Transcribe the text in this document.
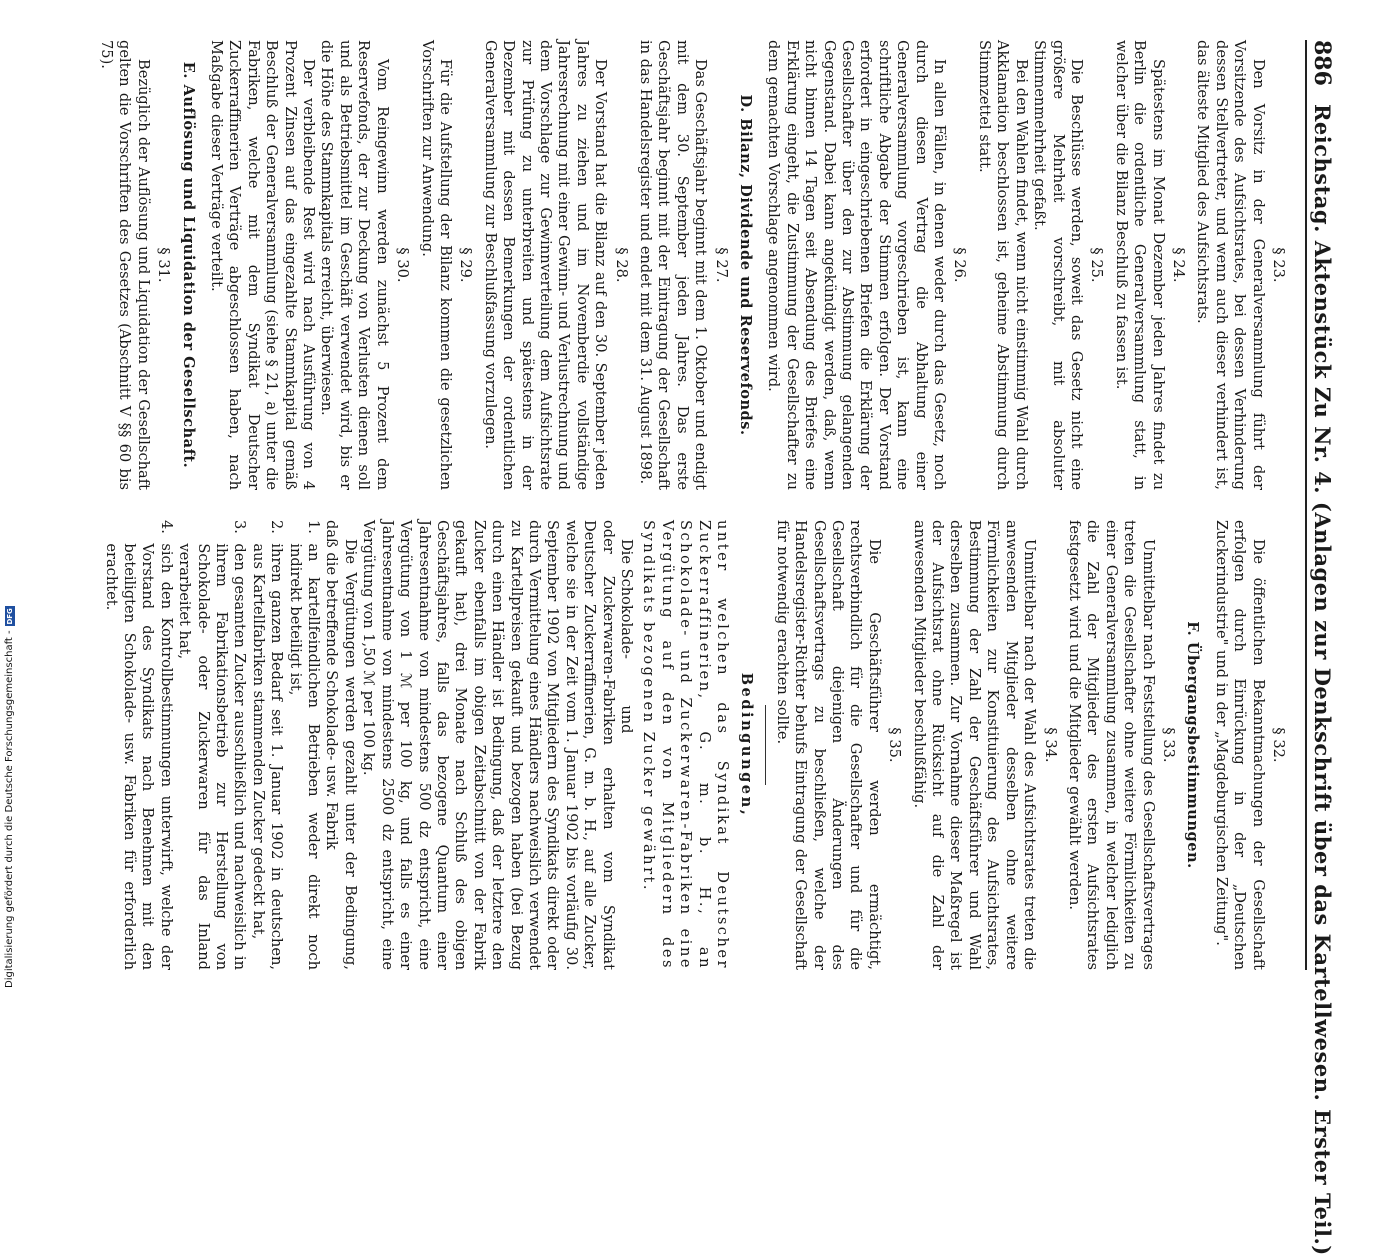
886
Reichstag. Aktenstück Zu Nr. 4. (Anlagen zur Denkschrift über das Kartellwesen. Erster Teil.)
§ 23.

Den Vorsitz in der Generalversammlung führt der Vorsitzende des Aufsichtsrates, bei dessen Verhinderung dessen Stellvertreter, und wenn auch dieser verhindert ist, das älteste Mitglied des Aufsichtsrats.

§ 24.

Spätestens im Monat Dezember jeden Jahres findet zu Berlin die ordentliche Generalversammlung statt, in welcher über die Bilanz Beschluß zu fassen ist.

§ 25.

Die Beschlüsse werden, soweit das Gesetz nicht eine größere Mehrheit vorschreibt, mit absoluter Stimmenmehrheit gefaßt.

Bei den Wahlen findet, wenn nicht einstimmig Wahl durch Akklamation beschlossen ist, geheime Abstimmung durch Stimmzettel statt.

§ 26.

In allen Fällen, in denen weder durch das Gesetz, noch durch diesen Vertrag die Abhaltung einer Generalversammlung vorgeschrieben ist, kann eine schriftliche Abgabe der Stimmen erfolgen. Der Vorstand erfordert in eingeschriebenen Briefen die Erklärung der Gesellschafter über den zur Abstimmung gelangenden Gegenstand. Dabei kann angekündigt werden, daß, wenn nicht binnen 14 Tagen seit Absendung des Briefes eine Erklärung eingeht, die Zustimmung der Gesellschafter zu dem gemachten Vorschlage angenommen wird.

D. Bilanz, Dividende und Reservefonds.
§ 27.

Das Geschäftsjahr beginnt mit dem 1. Oktober und endigt mit dem 30. September jeden Jahres. Das erste Geschäftsjahr beginnt mit der Eintragung der Gesellschaft in das Handelsregister und endet mit dem 31. August 1898.

§ 28.

Der Vorstand hat die Bilanz auf den 30. September jeden Jahres zu ziehen und im Novemberdie vollständige Jahresrechnung mit einer Gewinn- und Verlustrechnung und dem Vorschlage zur Gewinnverteilung dem Aufsichtsrate zur Prüfung zu unterbreiten und spätestens in der Dezember mit dessen Bemerkungen der ordentlichen Generalversammlung zur Beschlußfassung vorzulegen.

§ 29.

Für die Aufstellung der Bilanz kommen die gesetzlichen Vorschriften zur Anwendung.

§ 30.

Vom Reingewinn werden zunächst 5 Prozent dem Reservefonds, der zur Deckung von Verlusten dienen soll und als Betriebsmittel im Geschäft verwendet wird, bis er die Höhe des Stammkapitals erreicht, überwiesen.

Der verbleibende Rest wird nach Ausführung von 4 Prozent Zinsen auf das eingezahlte Stammkapital gemäß Beschluß der Generalversammlung (siehe § 21, a) unter die Fabriken, welche mit dem Syndikat Deutscher Zuckerraffinerien Verträge abgeschlossen haben, nach Maßgabe dieser Verträge verteilt.

E. Auflösung und Liquidation der Gesellschaft.
§ 31.

Bezüglich der Auflösung und Liquidation der Gesellschaft gelten die Vorschriften des Gesetzes (Abschnitt V §§ 60 bis 75).

§ 32.

Die öffentlichen Bekanntmachungen der Gesellschaft erfolgen durch Einrückung in der „Deutschen Zuckerindustrie" und in der „Magdeburgischen Zeitung".

F. Übergangsbestimmungen.
§ 33.

Unmittelbar nach Feststellung des Gesellschaftsvertrages treten die Gesellschafter ohne weitere Förmlichkeiten zu einer Generalversammlung zusammen, in welcher lediglich die Zahl der Mitglieder des ersten Aufsichtsrates festgesetzt wird und die Mitglieder gewählt werden.

§ 34.

Unmittelbar nach der Wahl des Aufsichtsrates treten die anwesenden Mitglieder desselben ohne weitere Förmlichkeiten zur Konstituierung des Aufsichtsrates, Bestimmung der Zahl der Geschäftsführer und Wahl derselben zusammen. Zur Vornahme dieser Maßregel ist der Aufsichtsrat ohne Rücksicht auf die Zahl der anwesenden Mitglieder beschlußfähig.

§ 35.

Die Geschäftsführer werden ermächtigt, rechtsverbindlich für die Gesellschafter und für die Gesellschaft diejenigen Änderungen des Gesellschaftsvertrags zu beschließen, welche der Handelsregister-Richter behufs Eintragung der Gesellschaft für notwendig erachten sollte.

Bedingungen,

unter welchen das Syndikat Deutscher Zuckerraffinerien, G. m. b. H., an Schokolade- und Zuckerwaren-Fabriken eine Vergütung auf den von Mitgliedern des Syndikats bezogenen Zucker gewährt.

Die Schokolade-
und

oder Zuckerwaren-Fabriken erhalten vom Syndikat Deutscher Zuckerraffinerien, G. m. b. H., auf alle Zucker, welche sie in der Zeit vom 1. Januar 1902 bis vorläufig 30. September 1902 von Mitgliedern des Syndikats direkt oder durch Vermittelung eines Händlers nachweislich verwendet zu Kartellpreisen gekauft und bezogen haben (bei Bezug durch einen Händler ist Bedingung, daß der letztere den Zucker ebenfalls im obigen Zeitabschnitt von der Fabrik gekauft hat), drei Monate nach Schluß des obigen Geschäftsjahres, falls das bezogene Quantum einer Jahresentnahme von mindestens 500 dz entspricht, eine Vergütung von 1 ℳ per 100 kg, und falls es einer Jahresentnahme von mindestens 2500 dz entspricht, eine Vergütung von 1,50 ℳ per 100 kg.

Die Vergütungen werden gezahlt unter der Bedingung, daß die betreffende Schokolade- usw. Fabrik

1.
an kartellfeindlichen Betrieben weder direkt noch indirekt beteiligt ist,
2.
ihren ganzen Bedarf seit 1. Januar 1902 in deutschen, aus Kartellfabriken stammenden Zucker gedeckt hat,
3.
den gesamten Zucker ausschließlich und nachweislich in ihrem Fabrikationsbetrieb zur Herstellung von Schokolade- oder Zuckerwaren für das Inland verarbeitet hat,
4.
sich den Kontrollbestimmungen unterwirft, welche der Vorstand des Syndikats nach Benehmen mit den beteiligten Schokolade- usw. Fabriken für erforderlich erachtet.
Digitalisierung gefördert durch die Deutsche Forschungsgemeinschaft -
DFG
